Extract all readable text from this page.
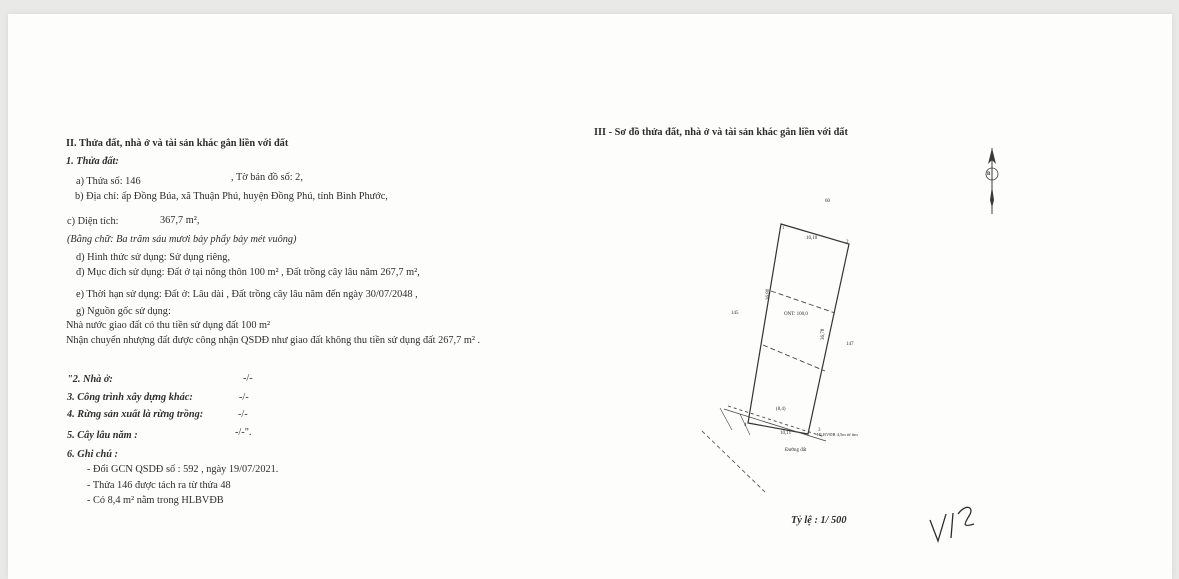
II. Thửa đất, nhà ở và tài sản khác gắn liền với đất
1. Thửa đất:
a) Thửa số: 146	, Tờ bản đồ số: 2,
b) Địa chỉ: ấp Đồng Búa, xã Thuận Phú, huyện Đồng Phú, tỉnh Bình Phước,
c) Diện tích:	367,7 m²,
(Bằng chữ: Ba trăm sáu mươi bảy phẩy bảy mét vuông)
d) Hình thức sử dụng: Sử dụng riêng,
đ) Mục đích sử dụng: Đất ở tại nông thôn 100 m² , Đất trồng cây lâu năm 267,7 m²,
e) Thời hạn sử dụng: Đất ở: Lâu dài , Đất trồng cây lâu năm đến ngày 30/07/2048 ,
g) Nguồn gốc sử dụng:
Nhà nước giao đất có thu tiền sử dụng đất 100 m²
Nhận chuyển nhượng đất được công nhận QSDĐ như giao đất không thu tiền sử dụng đất 267,7 m² .
"2. Nhà ở:	-/-
3. Công trình xây dựng khác:	-/-
4. Rừng sản xuất là rừng trồng:	-/-
5. Cây lâu năm :	-/-".
6. Ghi chú :
- Đổi GCN QSDĐ số : 592 , ngày 19/07/2021.
- Thửa 146 được tách ra từ thửa 48
- Có 8,4 m² nằm trong HLBVĐB
III - Sơ đồ thửa đất, nhà ở và tài sản khác gắn liền với đất
B
60
10,10
2
145
36,80
ONT: 100,0
36,78
147
(8,4)
4
10,11
3
HLBVĐB 4,5m từ tim
1
Đường đất
Tỷ lệ : 1/ 500
